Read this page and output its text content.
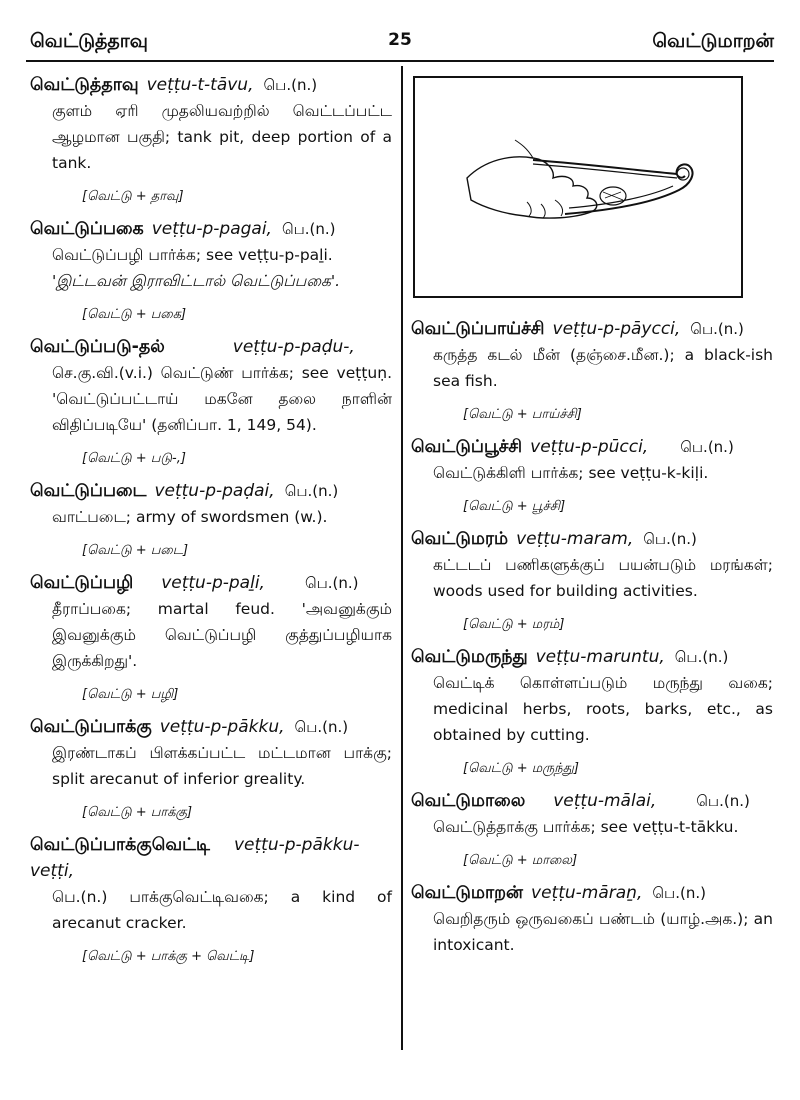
வெட்டுத்தாவு	25	வெட்டுமாறன்
வெட்டுத்தாவு veṭṭu-t-tāvu, பெ.(n.)
குளம் ஏரி முதலியவற்றில் வெட்டப்பட்ட ஆழமான பகுதி; tank pit, deep portion of a tank.
[வெட்டு + தாவு]
வெட்டுப்பகை veṭṭu-p-pagai, பெ.(n.)
வெட்டுப்பழி பார்க்க; see veṭṭu-p-paḻi.
'இட்டவன் இராவிட்டால் வெட்டுப்பகை'.
[வெட்டு + பகை]
வெட்டுப்படு-தல்	veṭṭu-p-paḍu-,
செ.கு.வி.(v.i.) வெட்டுண் பார்க்க; see veṭṭuṇ. 'வெட்டுப்பட்டாய் மகனே தலை நாளின் விதிப்படியே' (தனிப்பா. 1, 149, 54).
[வெட்டு + படு-,]
வெட்டுப்படை veṭṭu-p-paḍai, பெ.(n.)
வாட்படை; army of swordsmen (w.).
[வெட்டு + படை]
வெட்டுப்பழி veṭṭu-p-paḻi,	பெ.(n.)
தீராப்பகை; martal feud. 'அவனுக்கும் இவனுக்கும் வெட்டுப்பழி குத்துப்பழியாக இருக்கிறது'.
[வெட்டு + பழி]
வெட்டுப்பாக்கு veṭṭu-p-pākku, பெ.(n.)
இரண்டாகப் பிளக்கப்பட்ட மட்டமான பாக்கு; split arecanut of inferior greality.
[வெட்டு + பாக்கு]
வெட்டுப்பாக்குவெட்டி veṭṭu-p-pākku-veṭṭi,
பெ.(n.) பாக்குவெட்டிவகை; a kind of arecanut cracker.
[வெட்டு + பாக்கு + வெட்டி]
வெட்டுப்பாய்ச்சி veṭṭu-p-pāycci, பெ.(n.)
கருத்த கடல் மீன் (தஞ்சை.மீன.); a black-ish sea fish.
[வெட்டு + பாய்ச்சி]
வெட்டுப்பூச்சி veṭṭu-p-pūcci, பெ.(n.)
வெட்டுக்கிளி பார்க்க; see veṭṭu-k-kiḷi.
[வெட்டு + பூச்சி]
வெட்டுமரம் veṭṭu-maram, பெ.(n.)
கட்டடப் பணிகளுக்குப் பயன்படும் மரங்கள்; woods used for building activities.
[வெட்டு + மரம்]
வெட்டுமருந்து veṭṭu-maruntu, பெ.(n.)
வெட்டிக் கொள்ளப்படும் மருந்து வகை; medicinal herbs, roots, barks, etc., as obtained by cutting.
[வெட்டு + மருந்து]
வெட்டுமாலை veṭṭu-mālai,	பெ.(n.)
வெட்டுத்தாக்கு பார்க்க; see veṭṭu-t-tākku.
[வெட்டு + மாலை]
வெட்டுமாறன் veṭṭu-māraṉ, பெ.(n.)
வெறிதரும் ஒருவகைப் பண்டம் (யாழ்.அக.); an intoxicant.
